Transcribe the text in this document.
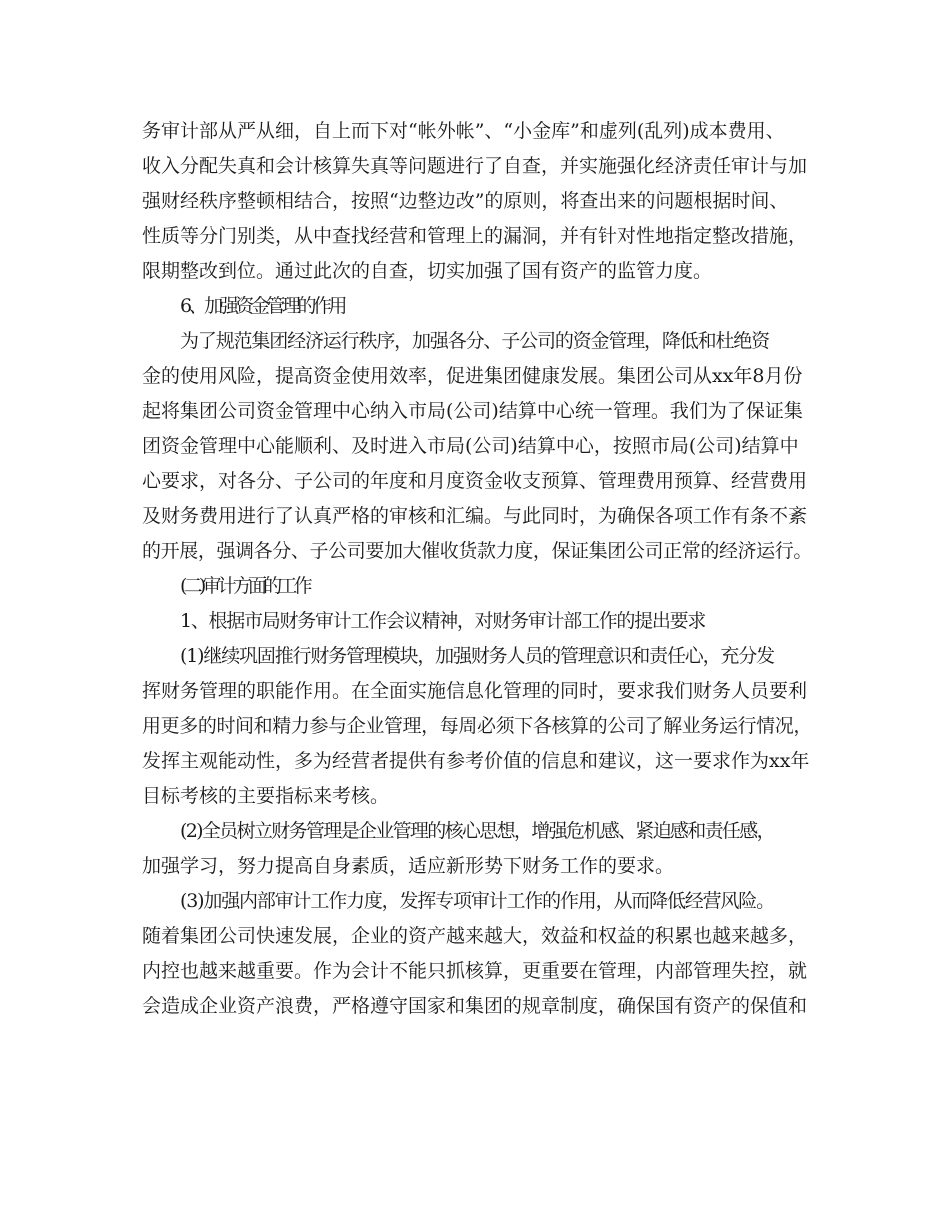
务审计部从严从细，自上而下对“帐外帐”、“小金库”和虚列(乱列)成本费用、
收入分配失真和会计核算失真等问题进行了自查，并实施强化经济责任审计与加
强财经秩序整顿相结合，按照“边整边改”的原则，将查出来的问题根据时间、
性质等分门别类，从中查找经营和管理上的漏洞，并有针对性地指定整改措施，
限期整改到位。通过此次的自查，切实加强了国有资产的监管力度。
6、加强资金管理的作用
为了规范集团经济运行秩序，加强各分、子公司的资金管理，降低和杜绝资
金的使用风险，提高资金使用效率，促进集团健康发展。集团公司从xx年8月份
起将集团公司资金管理中心纳入市局(公司)结算中心统一管理。我们为了保证集
团资金管理中心能顺利、及时进入市局(公司)结算中心，按照市局(公司)结算中
心要求，对各分、子公司的年度和月度资金收支预算、管理费用预算、经营费用
及财务费用进行了认真严格的审核和汇编。与此同时，为确保各项工作有条不紊
的开展，强调各分、子公司要加大催收货款力度，保证集团公司正常的经济运行。
(二)审计方面的工作
1、根据市局财务审计工作会议精神，对财务审计部工作的提出要求
(1)继续巩固推行财务管理模块，加强财务人员的管理意识和责任心，充分发
挥财务管理的职能作用。在全面实施信息化管理的同时，要求我们财务人员要利
用更多的时间和精力参与企业管理，每周必须下各核算的公司了解业务运行情况，
发挥主观能动性，多为经营者提供有参考价值的信息和建议，这一要求作为xx年
目标考核的主要指标来考核。
(2)全员树立财务管理是企业管理的核心思想，增强危机感、紧迫感和责任感，
加强学习，努力提高自身素质，适应新形势下财务工作的要求。
(3)加强内部审计工作力度，发挥专项审计工作的作用，从而降低经营风险。
随着集团公司快速发展，企业的资产越来越大，效益和权益的积累也越来越多，
内控也越来越重要。作为会计不能只抓核算，更重要在管理，内部管理失控，就
会造成企业资产浪费，严格遵守国家和集团的规章制度，确保国有资产的保值和
